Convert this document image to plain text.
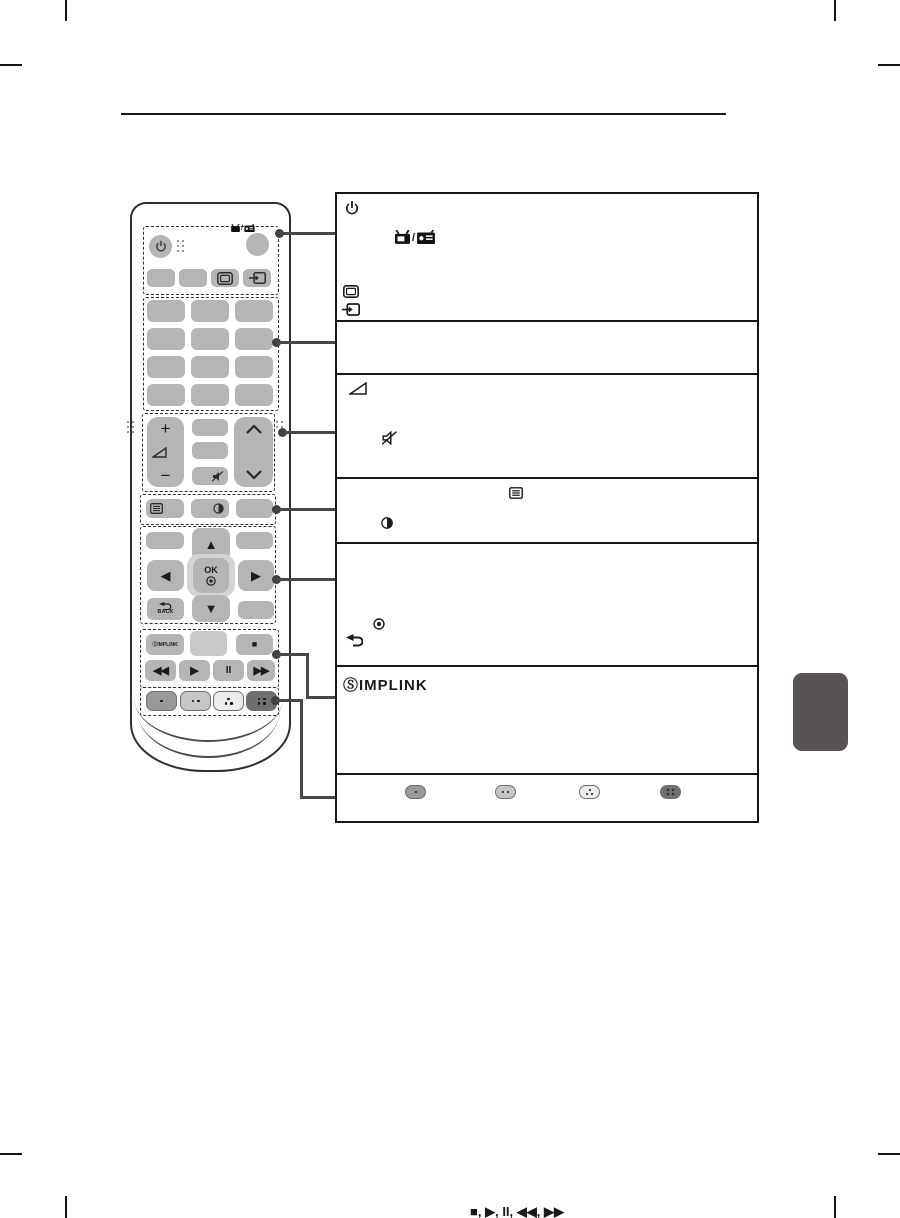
/
+
−
▲
◀	OK	▶
▼
BACK
ⓈIMPLINK	■
◀◀ ▶	II ▶▶
/
ⓈIMPLINK
■, ▶, II, ◀◀, ▶▶
